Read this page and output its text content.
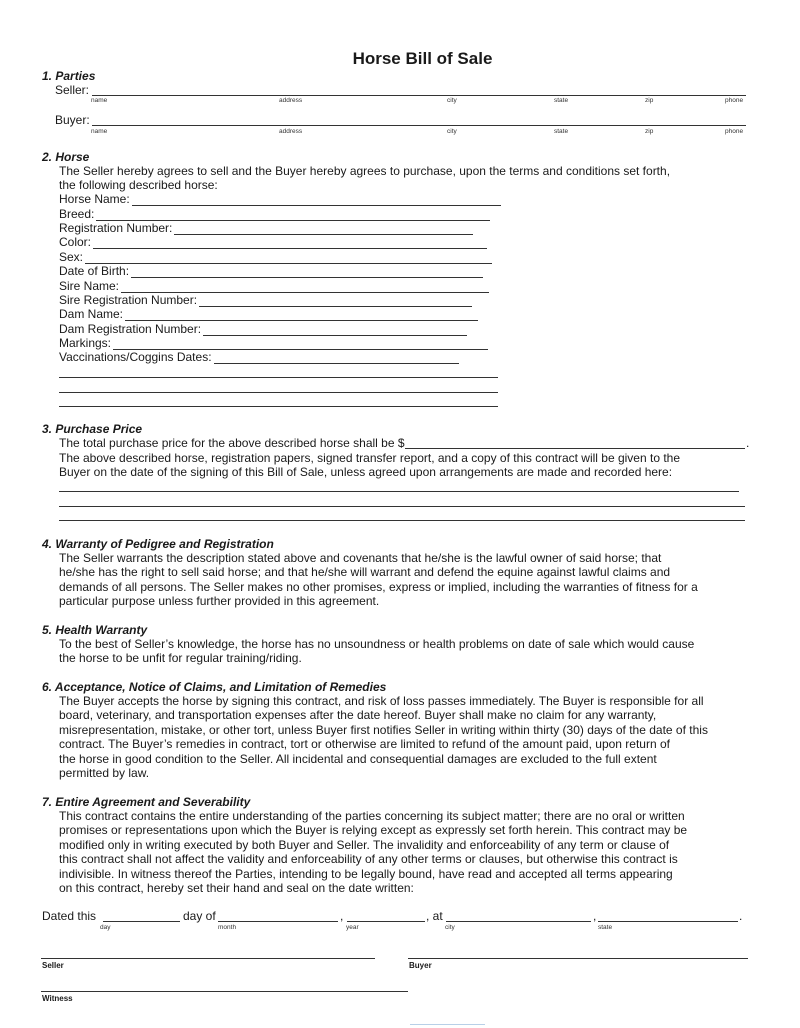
Horse Bill of Sale
1. Parties
Seller:
name	address	city	state	zip	phone
Buyer:
name	address	city	state	zip	phone
2. Horse
The Seller hereby agrees to sell and the Buyer hereby agrees to purchase, upon the terms and conditions set forth,
the following described horse:
Horse Name:
Breed:
Registration Number:
Color:
Sex:
Date of Birth:
Sire Name:
Sire Registration Number:
Dam Name:
Dam Registration Number:
Markings:
Vaccinations/Coggins Dates:
3. Purchase Price
The total purchase price for the above described horse shall be $	.
The above described horse, registration papers, signed transfer report, and a copy of this contract will be given to the
Buyer on the date of the signing of this Bill of Sale, unless agreed upon arrangements are made and recorded here:
4. Warranty of Pedigree and Registration
The Seller warrants the description stated above and covenants that he/she is the lawful owner of said horse; that
he/she has the right to sell said horse; and that he/she will warrant and defend the equine against lawful claims and
demands of all persons. The Seller makes no other promises, express or implied, including the warranties of fitness for a
particular purpose unless further provided in this agreement.
5. Health Warranty
To the best of Seller’s knowledge, the horse has no unsoundness or health problems on date of sale which would cause
the horse to be unfit for regular training/riding.
6. Acceptance, Notice of Claims, and Limitation of Remedies
The Buyer accepts the horse by signing this contract, and risk of loss passes immediately. The Buyer is responsible for all
board, veterinary, and transportation expenses after the date hereof. Buyer shall make no claim for any warranty,
misrepresentation, mistake, or other tort, unless Buyer first notifies Seller in writing within thirty (30) days of the date of this
contract. The Buyer’s remedies in contract, tort or otherwise are limited to refund of the amount paid, upon return of
the horse in good condition to the Seller. All incidental and consequential damages are excluded to the full extent
permitted by law.
7. Entire Agreement and Severability
This contract contains the entire understanding of the parties concerning its subject matter; there are no oral or written
promises or representations upon which the Buyer is relying except as expressly set forth herein. This contract may be
modified only in writing executed by both Buyer and Seller. The invalidity and enforceability of any term or clause of
this contract shall not affect the validity and enforceability of any other terms or clauses, but otherwise this contract is
indivisible. In witness thereof the Parties, intending to be legally bound, have read and accepted all terms appearing
on this contract, hereby set their hand and seal on the date written:
Dated this	day of	,	, at	,	.
day	month	year	city	state
Seller	Buyer
Witness
